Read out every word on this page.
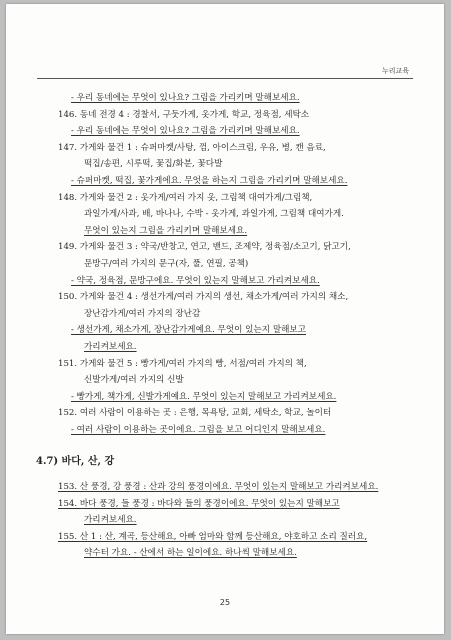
누리교육
- 우리 동네에는 무엇이 있나요? 그림을 가리키며 말해보세요.
146. 동네 전경 4 : 경찰서, 구둣가게, 옷가게, 학교, 정육점, 세탁소
- 우리 동네에는 무엇이 있나요? 그림을 가리키며 말해보세요.
147. 가게와 물건 1 : 슈퍼마켓/사탕, 껌, 아이스크림, 우유, 병, 캔 음료,
떡집/송편, 시루떡, 꽃집/화분, 꽃다발
- 슈퍼마켓, 떡집, 꽃가게에요. 무엇을 하는지 그림을 가리키며 말해보세요.
148. 가게와 물건 2 : 옷가게/여러 가지 옷, 그림책 대여가게/그림책,
과일가게/사과, 배, 바나나, 수박 - 옷가게, 과일가게, 그림책 대여가게.
무엇이 있는지 그림을 가리키며 말해보세요.
149. 가게와 물건 3 : 약국/반창고, 연고, 밴드, 조제약, 정육점/소고기, 닭고기,
문방구/여러 가지의 문구(자, 풀, 연필, 공책)
- 약국, 정육점, 문방구에요. 무엇이 있는지 말해보고 가리켜보세요.
150. 가게와 물건 4 : 생선가게/여러 가지의 생선, 채소가게/여러 가지의 채소,
장난감가게/여러 가지의 장난감
- 생선가게, 채소가게, 장난감가게예요. 무엇이 있는지 말해보고
가리켜보세요.
151. 가게와 물건 5 : 빵가게/여러 가지의 빵, 서점/여러 가지의 책,
신발가게/여러 가지의 신발
- 빵가게, 책가게, 신발가게예요. 무엇이 있는지 말해보고 가리켜보세요.
152. 여러 사람이 이용하는 곳 : 은행, 목욕탕, 교회, 세탁소, 학교, 놀이터
- 여러 사람이 이용하는 곳이에요. 그림을 보고 어디인지 말해보세요.
4.7) 바다, 산, 강
153. 산 풍경, 강 풍경 : 산과 강의 풍경이에요. 무엇이 있는지 말해보고 가리켜보세요.
154. 바다 풍경, 들 풍경 : 바다와 들의 풍경이에요. 무엇이 있는지 말해보고
가리켜보세요.
155. 산 1 : 산, 계곡, 등산해요, 아빠 엄마와 함께 등산해요, 야호하고 소리 질러요,
약수터 가요. - 산에서 하는 일이에요. 하나씩 말해보세요.
25
